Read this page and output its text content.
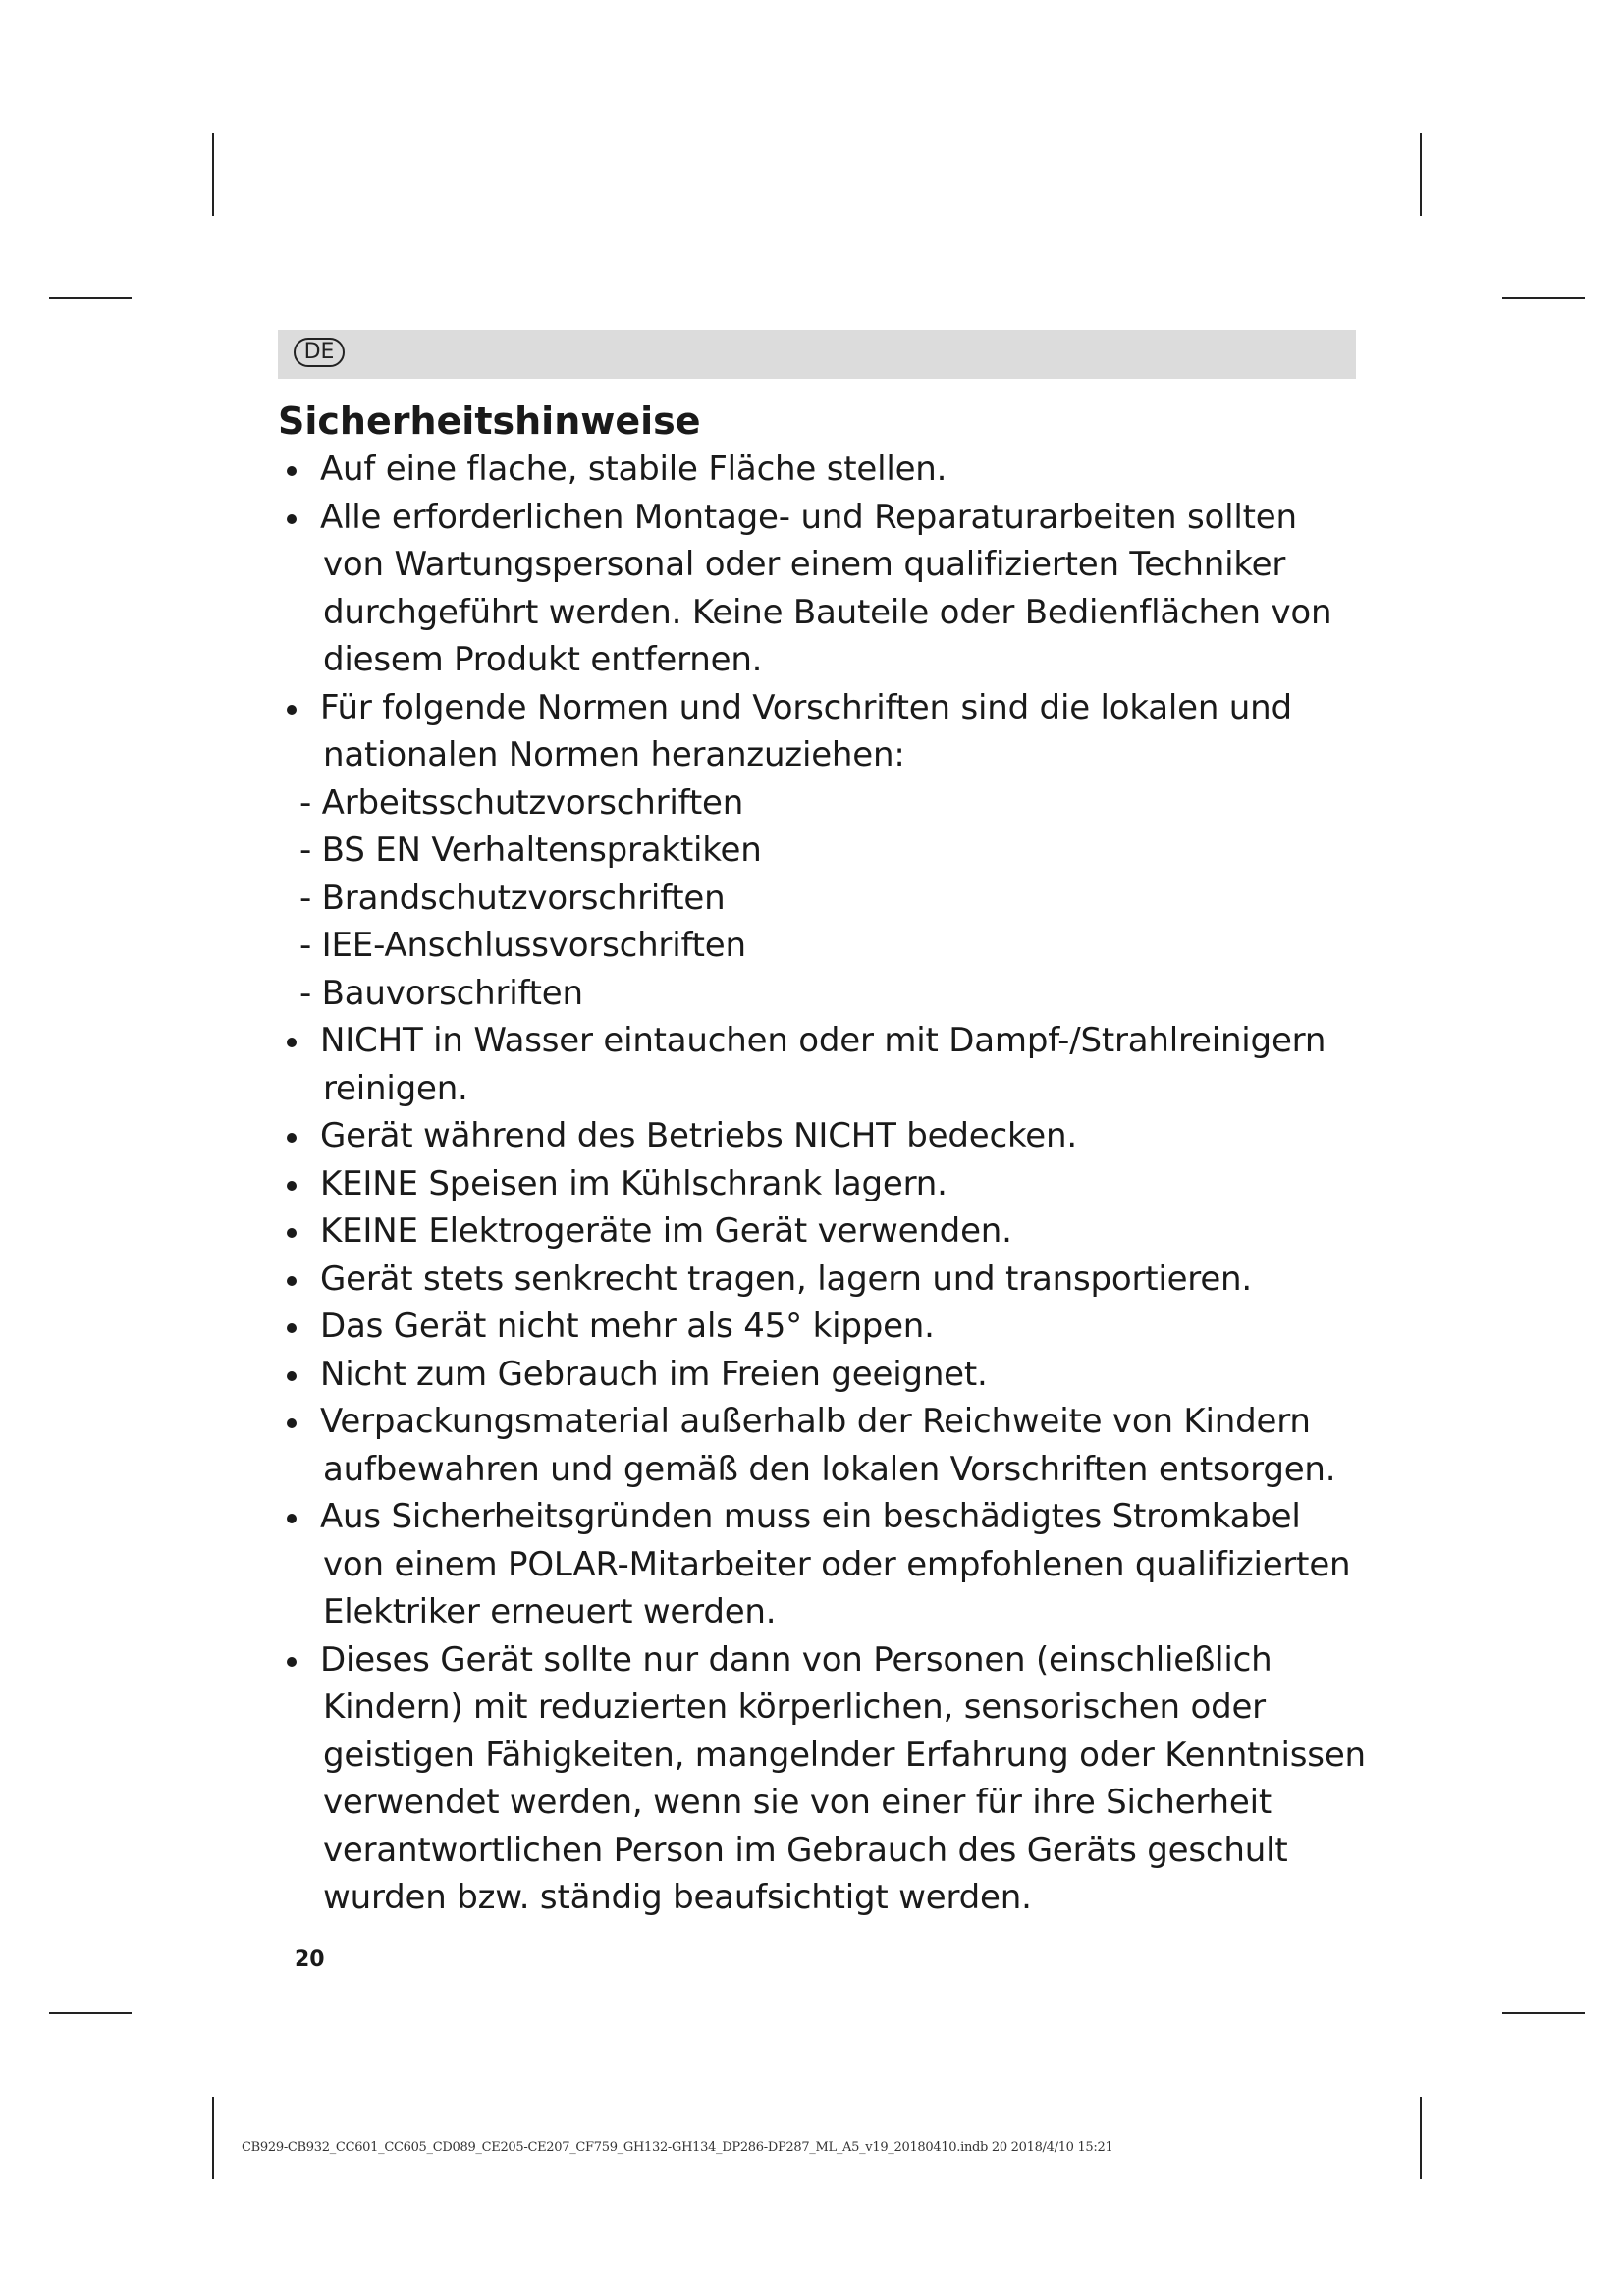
DE
Sicherheitshinweise
Auf eine flache, stabile Fläche stellen.
Alle erforderlichen Montage- und Reparaturarbeiten sollten
von Wartungspersonal oder einem qualifizierten Techniker
durchgeführt werden. Keine Bauteile oder Bedienflächen von
diesem Produkt entfernen.
Für folgende Normen und Vorschriften sind die lokalen und
nationalen Normen heranzuziehen:
- Arbeitsschutzvorschriften
- BS EN Verhaltenspraktiken
- Brandschutzvorschriften
- IEE-Anschlussvorschriften
- Bauvorschriften
NICHT in Wasser eintauchen oder mit Dampf-/Strahlreinigern
reinigen.
Gerät während des Betriebs NICHT bedecken.
KEINE Speisen im Kühlschrank lagern.
KEINE Elektrogeräte im Gerät verwenden.
Gerät stets senkrecht tragen, lagern und transportieren.
Das Gerät nicht mehr als 45° kippen.
Nicht zum Gebrauch im Freien geeignet.
Verpackungsmaterial außerhalb der Reichweite von Kindern
aufbewahren und gemäß den lokalen Vorschriften entsorgen.
Aus Sicherheitsgründen muss ein beschädigtes Stromkabel
von einem POLAR-Mitarbeiter oder empfohlenen qualifizierten
Elektriker erneuert werden.
Dieses Gerät sollte nur dann von Personen (einschließlich
Kindern) mit reduzierten körperlichen, sensorischen oder
geistigen Fähigkeiten, mangelnder Erfahrung oder Kenntnissen
verwendet werden, wenn sie von einer für ihre Sicherheit
verantwortlichen Person im Gebrauch des Geräts geschult
wurden bzw. ständig beaufsichtigt werden.
20
CB929-CB932_CC601_CC605_CD089_CE205-CE207_CF759_GH132-GH134_DP286-DP287_ML_A5_v19_20180410.indb 20 2018/4/10 15:21
